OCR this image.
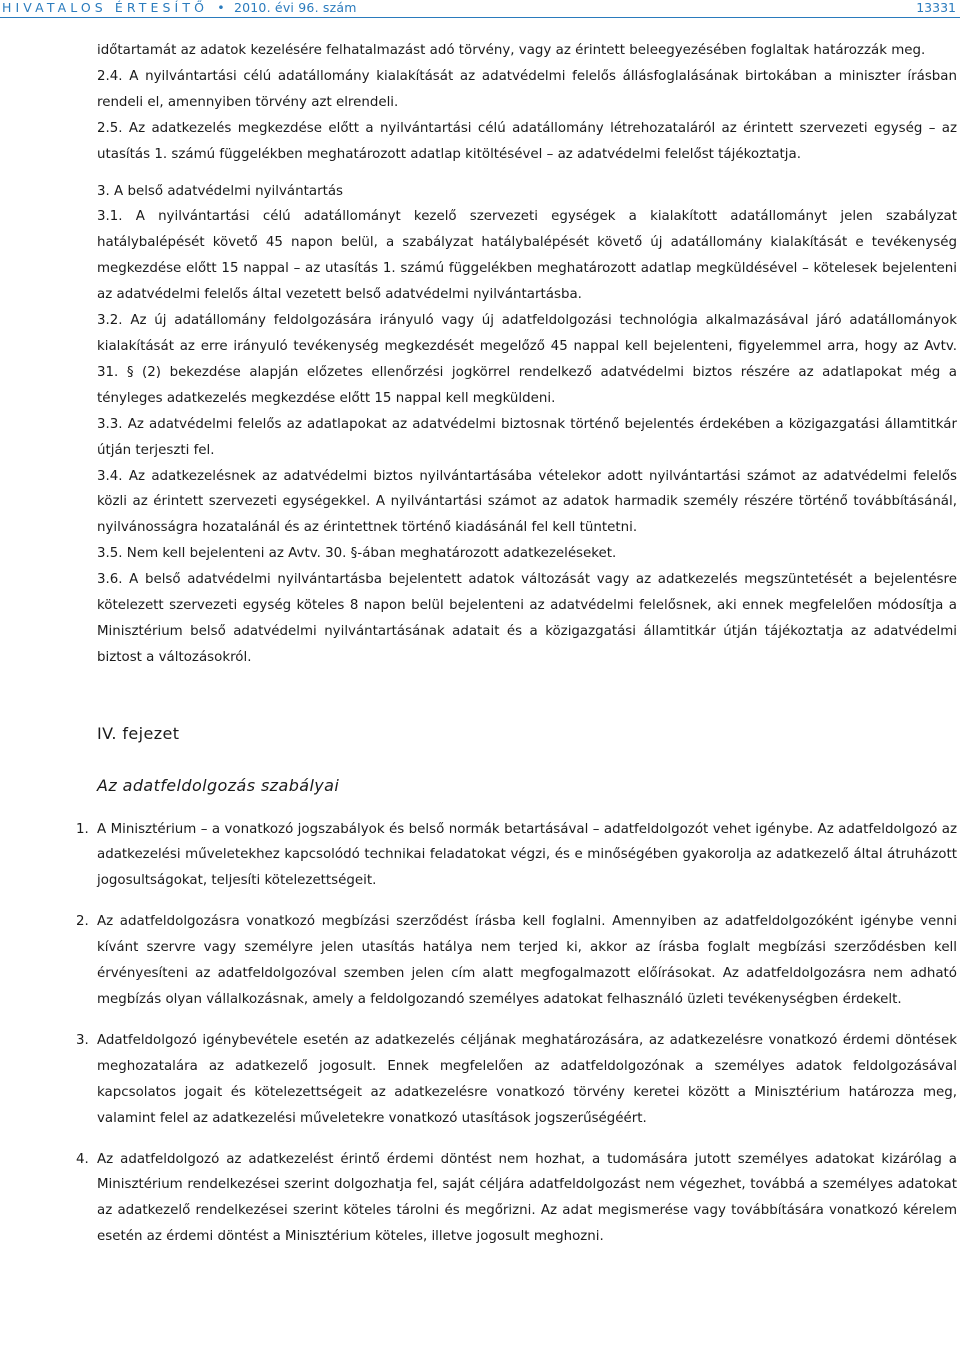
HIVATALOS ÉRTESÍTŐ • 2010. évi 96. szám	13331

időtartamát az adatok kezelésére felhatalmazást adó törvény, vagy az érintett beleegyezésében foglaltak határozzák meg.

2.4. A nyilvántartási célú adatállomány kialakítását az adatvédelmi felelős állásfoglalásának birtokában a miniszter írásban rendeli el, amennyiben törvény azt elrendeli.

2.5. Az adatkezelés megkezdése előtt a nyilvántartási célú adatállomány létrehozataláról az érintett szervezeti egység – az utasítás 1. számú függelékben meghatározott adatlap kitöltésével – az adatvédelmi felelőst tájékoztatja.

3. A belső adatvédelmi nyilvántartás

3.1. A nyilvántartási célú adatállományt kezelő szervezeti egységek a kialakított adatállományt jelen szabályzat hatálybalépését követő 45 napon belül, a szabályzat hatálybalépését követő új adatállomány kialakítását e tevékenység megkezdése előtt 15 nappal – az utasítás 1. számú függelékben meghatározott adatlap megküldésével – kötelesek bejelenteni az adatvédelmi felelős által vezetett belső adatvédelmi nyilvántartásba.

3.2. Az új adatállomány feldolgozására irányuló vagy új adatfeldolgozási technológia alkalmazásával járó adatállományok kialakítását az erre irányuló tevékenység megkezdését megelőző 45 nappal kell bejelenteni, figyelemmel arra, hogy az Avtv. 31. § (2) bekezdése alapján előzetes ellenőrzési jogkörrel rendelkező adatvédelmi biztos részére az adatlapokat még a tényleges adatkezelés megkezdése előtt 15 nappal kell megküldeni.

3.3. Az adatvédelmi felelős az adatlapokat az adatvédelmi biztosnak történő bejelentés érdekében a közigazgatási államtitkár útján terjeszti fel.

3.4. Az adatkezelésnek az adatvédelmi biztos nyilvántartásába vételekor adott nyilvántartási számot az adatvédelmi felelős közli az érintett szervezeti egységekkel. A nyilvántartási számot az adatok harmadik személy részére történő továbbításánál, nyilvánosságra hozatalánál és az érintettnek történő kiadásánál fel kell tüntetni.

3.5. Nem kell bejelenteni az Avtv. 30. §-ában meghatározott adatkezeléseket.

3.6. A belső adatvédelmi nyilvántartásba bejelentett adatok változását vagy az adatkezelés megszüntetését a bejelentésre kötelezett szervezeti egység köteles 8 napon belül bejelenteni az adatvédelmi felelősnek, aki ennek megfelelően módosítja a Minisztérium belső adatvédelmi nyilvántartásának adatait és a közigazgatási államtitkár útján tájékoztatja az adatvédelmi biztost a változásokról.

IV. fejezet

Az adatfeldolgozás szabályai

1. A Minisztérium – a vonatkozó jogszabályok és belső normák betartásával – adatfeldolgozót vehet igénybe. Az adatfeldolgozó az adatkezelési műveletekhez kapcsolódó technikai feladatokat végzi, és e minőségében gyakorolja az adatkezelő által átruházott jogosultságokat, teljesíti kötelezettségeit.

2. Az adatfeldolgozásra vonatkozó megbízási szerződést írásba kell foglalni. Amennyiben az adatfeldolgozóként igénybe venni kívánt szervre vagy személyre jelen utasítás hatálya nem terjed ki, akkor az írásba foglalt megbízási szerződésben kell érvényesíteni az adatfeldolgozóval szemben jelen cím alatt megfogalmazott előírásokat. Az adatfeldolgozásra nem adható megbízás olyan vállalkozásnak, amely a feldolgozandó személyes adatokat felhasználó üzleti tevékenységben érdekelt.

3. Adatfeldolgozó igénybevétele esetén az adatkezelés céljának meghatározására, az adatkezelésre vonatkozó érdemi döntések meghozatalára az adatkezelő jogosult. Ennek megfelelően az adatfeldolgozónak a személyes adatok feldolgozásával kapcsolatos jogait és kötelezettségeit az adatkezelésre vonatkozó törvény keretei között a Minisztérium határozza meg, valamint felel az adatkezelési műveletekre vonatkozó utasítások jogszerűségéért.

4. Az adatfeldolgozó az adatkezelést érintő érdemi döntést nem hozhat, a tudomására jutott személyes adatokat kizárólag a Minisztérium rendelkezései szerint dolgozhatja fel, saját céljára adatfeldolgozást nem végezhet, továbbá a személyes adatokat az adatkezelő rendelkezései szerint köteles tárolni és megőrizni. Az adat megismerése vagy továbbítására vonatkozó kérelem esetén az érdemi döntést a Minisztérium köteles, illetve jogosult meghozni.
